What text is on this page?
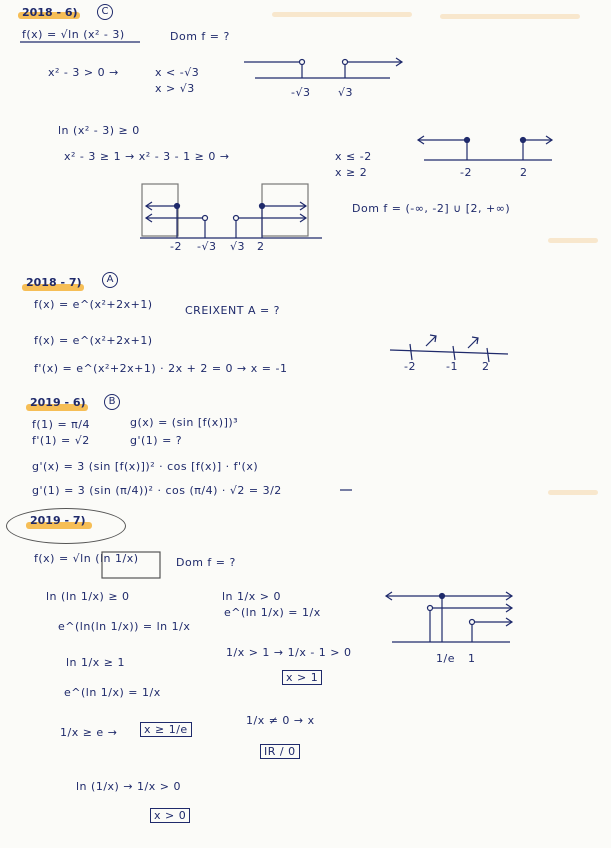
2018 - 6)	C
f(x) = √ln (x² - 3)	Dom f = ?
x² - 3 > 0 →	x < -√3
x > √3	-√3	√3
ln (x² - 3) ≥ 0
x² - 3 ≥ 1 → x² - 3 - 1 ≥ 0 →	x ≤ -2
x ≥ 2	-2	2
-2 -√3 √3 2
Dom f = (-∞, -2] ∪ [2, +∞)
2018 - 7)	A
f(x) = e^(x²+2x+1)	CREIXENT A = ?
f(x) = e^(x²+2x+1)
f'(x) = e^(x²+2x+1) · 2x + 2 = 0 → x = -1	-2	-1 2
2019 - 6)	B
f(1) = π/4	g(x) = (sin [f(x)])³
f'(1) = √2	g'(1) = ?
g'(x) = 3 (sin [f(x)])² · cos [f(x)] · f'(x)
g'(1) = 3 (sin (π/4))² · cos (π/4) · √2 = 3/2
2019 - 7)
f(x) = √ln (ln 1/x)	Dom f = ?
ln (ln 1/x) ≥ 0
e^(ln(ln 1/x)) = ln 1/x
ln 1/x ≥ 1
e^(ln 1/x) = 1/x
1/x ≥ e →	x ≥ 1/e
ln 1/x > 0
e^(ln 1/x) = 1/x
1/x > 1 → 1/x - 1 > 0
x > 1
1/x ≠ 0 → x
IR / 0
ln (1/x) → 1/x > 0
x > 0
1/e 1
